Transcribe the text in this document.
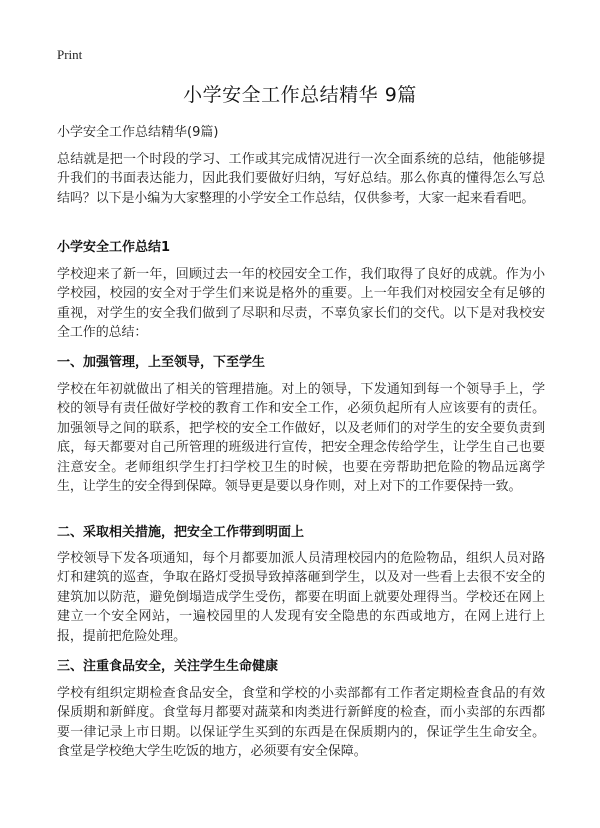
Print
小学安全工作总结精华 9篇

小学安全工作总结精华(9篇)

总结就是把一个时段的学习、工作或其完成情况进行一次全面系统的总结，他能够提升我们的书面表达能力，因此我们要做好归纳，写好总结。那么你真的懂得怎么写总结吗？以下是小编为大家整理的小学安全工作总结，仅供参考，大家一起来看看吧。

小学安全工作总结1

学校迎来了新一年，回顾过去一年的校园安全工作，我们取得了良好的成就。作为小学校园，校园的安全对于学生们来说是格外的重要。上一年我们对校园安全有足够的重视，对学生的安全我们做到了尽职和尽责，不辜负家长们的交代。以下是对我校安全工作的总结：

一、加强管理，上至领导，下至学生

学校在年初就做出了相关的管理措施。对上的领导，下发通知到每一个领导手上，学校的领导有责任做好学校的教育工作和安全工作，必须负起所有人应该要有的责任。加强领导之间的联系，把学校的安全工作做好，以及老师们的对学生的安全要负责到底，每天都要对自己所管理的班级进行宣传，把安全理念传给学生，让学生自己也要注意安全。老师组织学生打扫学校卫生的时候，也要在旁帮助把危险的物品远离学生，让学生的安全得到保障。领导更是要以身作则，对上对下的工作要保持一致。

二、采取相关措施，把安全工作带到明面上

学校领导下发各项通知，每个月都要加派人员清理校园内的危险物品，组织人员对路灯和建筑的巡查，争取在路灯受损导致掉落砸到学生，以及对一些看上去很不安全的建筑加以防范，避免倒塌造成学生受伤，都要在明面上就要处理得当。学校还在网上建立一个安全网站，一遍校园里的人发现有安全隐患的东西或地方，在网上进行上报，提前把危险处理。

三、注重食品安全，关注学生生命健康

学校有组织定期检查食品安全，食堂和学校的小卖部都有工作者定期检查食品的有效保质期和新鲜度。食堂每月都要对蔬菜和肉类进行新鲜度的检查，而小卖部的东西都要一律记录上市日期。以保证学生买到的东西是在保质期内的，保证学生生命安全。食堂是学校绝大学生吃饭的地方，必须要有安全保障。
